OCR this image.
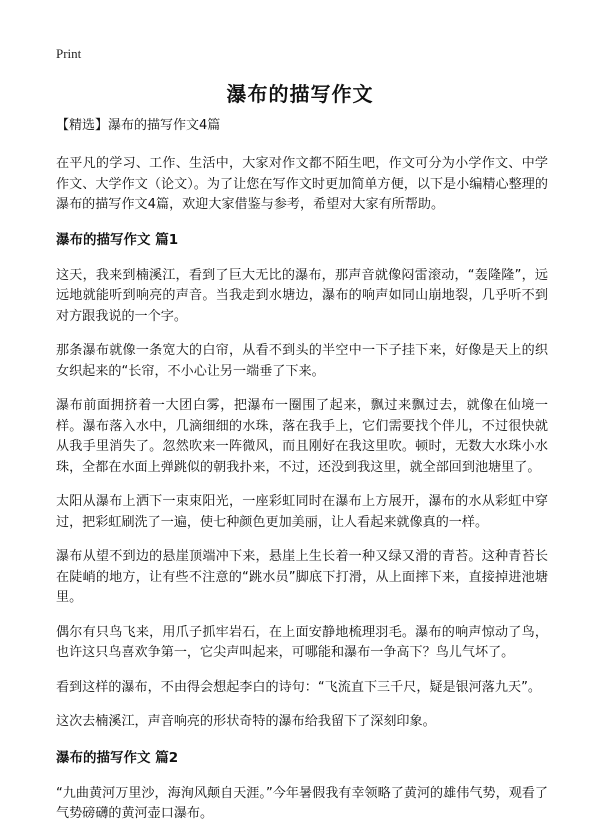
Print
瀑布的描写作文
【精选】瀑布的描写作文4篇

在平凡的学习、工作、生活中，大家对作文都不陌生吧，作文可分为小学作文、中学作文、大学作文（论文）。为了让您在写作文时更加简单方便，以下是小编精心整理的瀑布的描写作文4篇，欢迎大家借鉴与参考，希望对大家有所帮助。

瀑布的描写作文 篇1

这天，我来到楠溪江，看到了巨大无比的瀑布，那声音就像闷雷滚动，“轰隆隆”，远远地就能听到响亮的声音。当我走到水塘边，瀑布的响声如同山崩地裂，几乎听不到对方跟我说的一个字。

那条瀑布就像一条宽大的白帘，从看不到头的半空中一下子挂下来，好像是天上的织女织起来的“长帘，不小心让另一端垂了下来。

瀑布前面拥挤着一大团白雾，把瀑布一圈围了起来，飘过来飘过去，就像在仙境一样。瀑布落入水中，几滴细细的水珠，落在我手上，它们需要找个伴儿，不过很快就从我手里消失了。忽然吹来一阵微风，而且刚好在我这里吹。顿时，无数大水珠小水珠，全都在水面上弹跳似的朝我扑来，不过，还没到我这里，就全部回到池塘里了。

太阳从瀑布上洒下一束束阳光，一座彩虹同时在瀑布上方展开，瀑布的水从彩虹中穿过，把彩虹刷洗了一遍，使七种颜色更加美丽，让人看起来就像真的一样。

瀑布从望不到边的悬崖顶端冲下来，悬崖上生长着一种又绿又滑的青苔。这种青苔长在陡峭的地方，让有些不注意的“跳水员”脚底下打滑，从上面摔下来，直接掉进池塘里。

偶尔有只鸟飞来，用爪子抓牢岩石，在上面安静地梳理羽毛。瀑布的响声惊动了鸟，也许这只鸟喜欢争第一，它尖声叫起来，可哪能和瀑布一争高下？鸟儿气坏了。

看到这样的瀑布，不由得会想起李白的诗句：“飞流直下三千尺，疑是银河落九天”。

这次去楠溪江，声音响亮的形状奇特的瀑布给我留下了深刻印象。

瀑布的描写作文 篇2

“九曲黄河万里沙，海洵风颠自天涯。”今年暑假我有幸领略了黄河的雄伟气势，观看了气势磅礴的黄河壶口瀑布。
